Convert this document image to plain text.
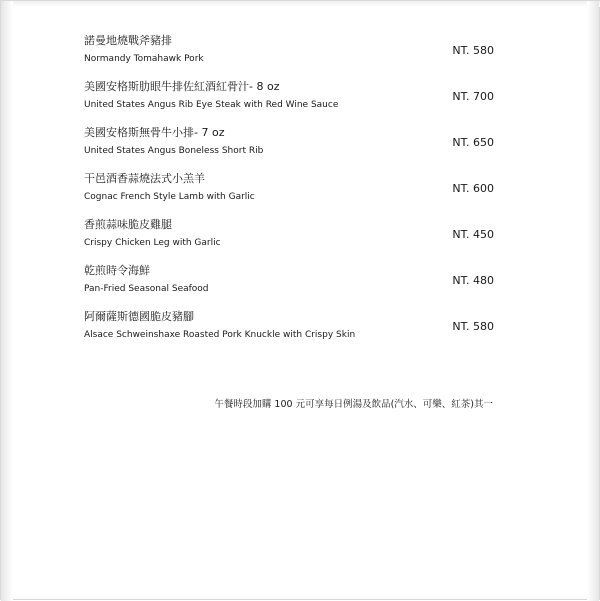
諾曼地燒戰斧豬排
Normandy Tomahawk Pork
NT. 580
美國安格斯肋眼牛排佐紅酒紅骨汁- 8 oz
United States Angus Rib Eye Steak with Red Wine Sauce
NT. 700
美國安格斯無骨牛小排- 7 oz
United States Angus Boneless Short Rib
NT. 650
干邑酒香蒜燒法式小羔羊
Cognac French Style Lamb with Garlic
NT. 600
香煎蒜味脆皮雞腿
Crispy Chicken Leg with Garlic
NT. 450
乾煎時令海鮮
Pan-Fried Seasonal Seafood
NT. 480
阿爾薩斯德國脆皮豬腳
Alsace Schweinshaxe Roasted Pork Knuckle with Crispy Skin
NT. 580
午餐時段加購 100 元可享每日例湯及飲品(汽水、可樂、紅茶)其一
